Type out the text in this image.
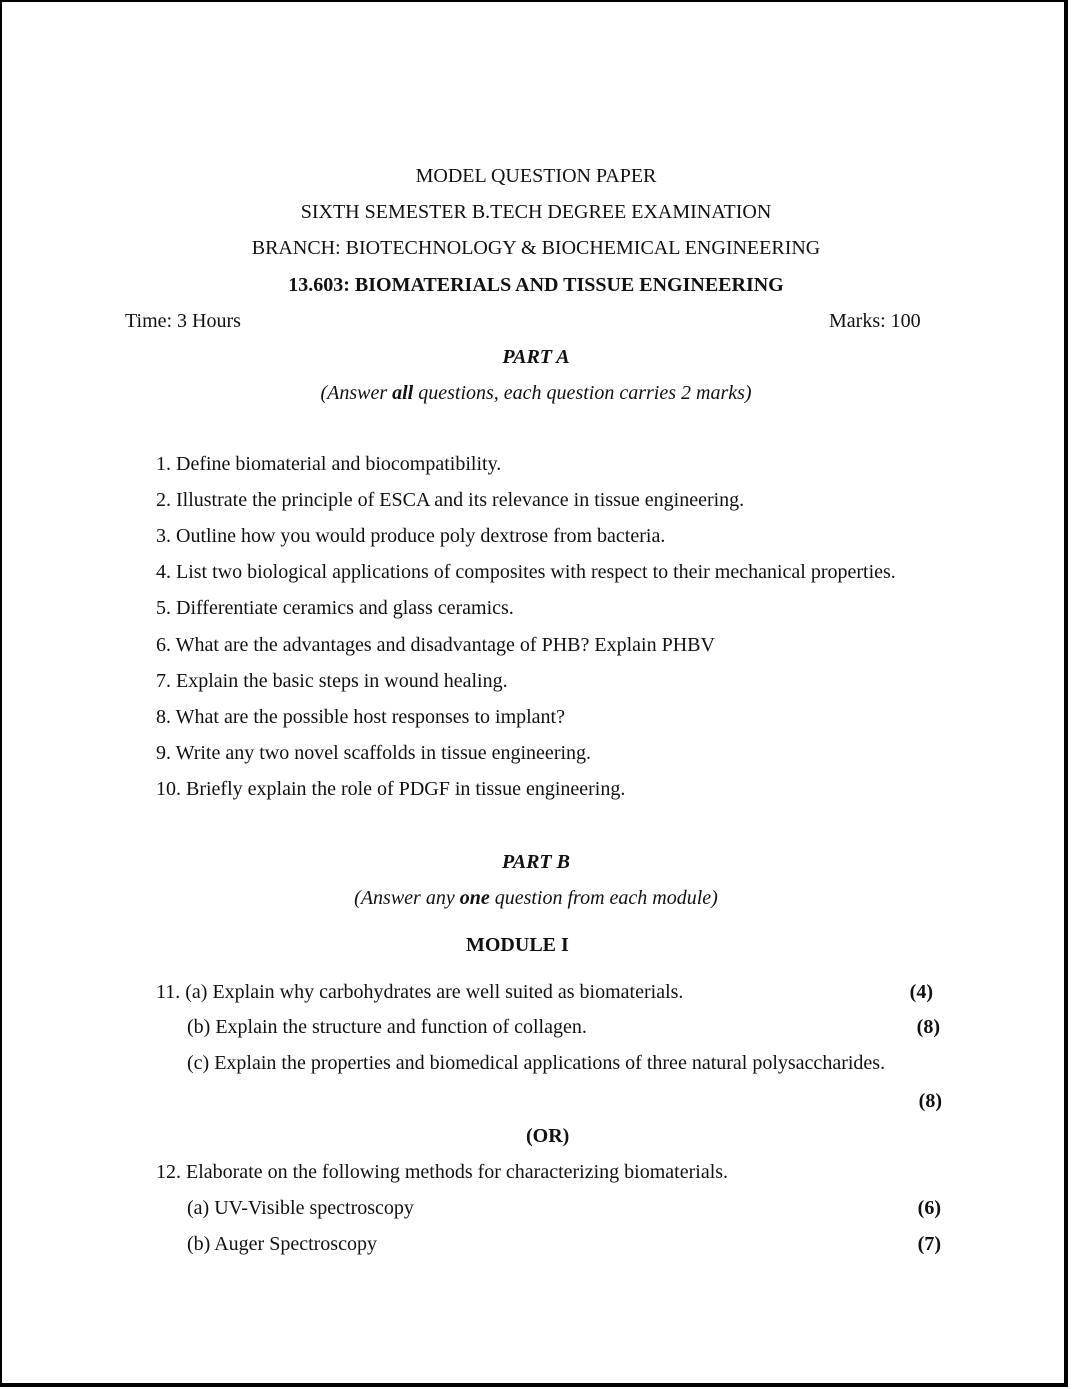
MODEL QUESTION PAPER
SIXTH SEMESTER B.TECH DEGREE EXAMINATION
BRANCH: BIOTECHNOLOGY & BIOCHEMICAL ENGINEERING
13.603: BIOMATERIALS AND TISSUE ENGINEERING
Time: 3 Hours	Marks: 100
PART A
(Answer all questions, each question carries 2 marks)
1. Define biomaterial and biocompatibility.
2. Illustrate the principle of ESCA and its relevance in tissue engineering.
3. Outline how you would produce poly dextrose from bacteria.
4. List two biological applications of composites with respect to their mechanical properties.
5. Differentiate ceramics and glass ceramics.
6. What are the advantages and disadvantage of PHB? Explain PHBV
7. Explain the basic steps in wound healing.
8. What are the possible host responses to implant?
9. Write any two novel scaffolds in tissue engineering.
10. Briefly explain the role of PDGF in tissue engineering.
PART B
(Answer any one question from each module)
MODULE I
11. (a) Explain why carbohydrates are well suited as biomaterials.	(4)
(b) Explain the structure and function of collagen.	(8)
(c) Explain the properties and biomedical applications of three natural polysaccharides.
(8)
(OR)
12. Elaborate on the following methods for characterizing biomaterials.
(a) UV-Visible spectroscopy	(6)
(b) Auger Spectroscopy	(7)
